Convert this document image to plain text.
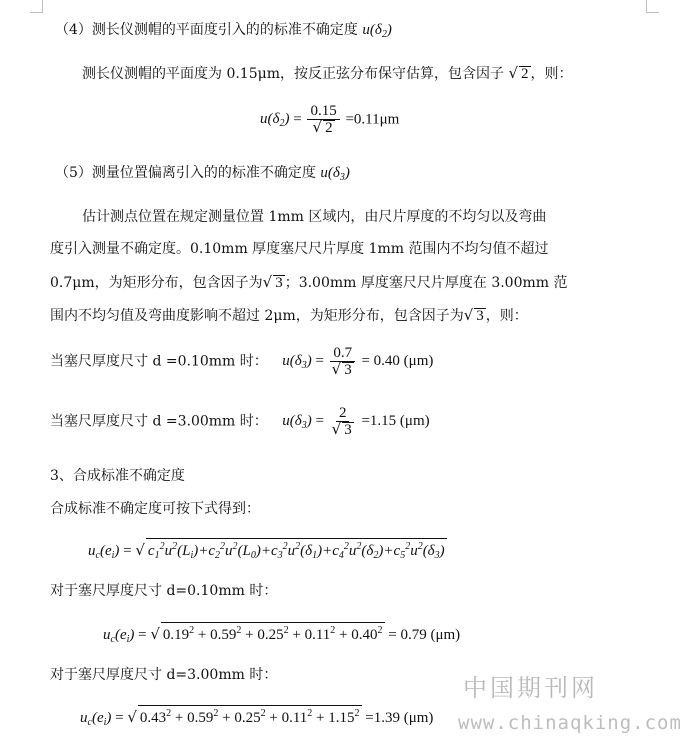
（4）测长仪测帽的平面度引入的的标准不确定度 $u(\delta_2)$
测长仪测帽的平面度为 0.15μm，按反正弦分布保守估算，包含因子 √ 2 ，则：
$u(\delta_2) = \frac{0.15}{√ 2} =0.11\mu m$
（5）测量位置偏离引入的的标准不确定度 $u(\delta_3)$
估计测点位置在规定测量位置 1mm 区域内，由尺片厚度的不均匀以及弯曲
度引入测量不确定度。0.10mm 厚度塞尺尺片厚度 1mm 范围内不均匀值不超过
0.7μm，为矩形分布，包含因子为√ 3 ；3.00mm 厚度塞尺尺片厚度在 3.00mm 范
围内不均匀值及弯曲度影响不超过 2μm，为矩形分布，包含因子为√ 3 ，则：
当塞尺厚度尺寸 d =0.10mm 时： $u(\delta_3) = \frac{0.7}{√ 3} = 0.40$ (μm)
当塞尺厚度尺寸 d =3.00mm 时： $u(\delta_3) = \frac{2}{√ 3} =1.15$ (μm)
3、合成标准不确定度
合成标准不确定度可按下式得到：
$u_c(e_i)$ = √ $c_1^2u^2(L_i)+c_2^2u^2(L_0)+c_3^2u^2(\delta_1)+c_4^2u^2(\delta_2)+c_5^2u^2(\delta_3)$
对于塞尺厚度尺寸 d=0.10mm 时：
$u_c(e_i)$ = √ $0.19^2 + 0.59^2 + 0.25^2 + 0.11^2 + 0.40^2 = 0.79$ (μm)
对于塞尺厚度尺寸 d=3.00mm 时：
$u_c(e_i)$ = √ $0.43^2 + 0.59^2 + 0.25^2 + 0.11^2 + 1.15^2 =1.39$ (μm)
中国期刊网
www.chinaqking.com
